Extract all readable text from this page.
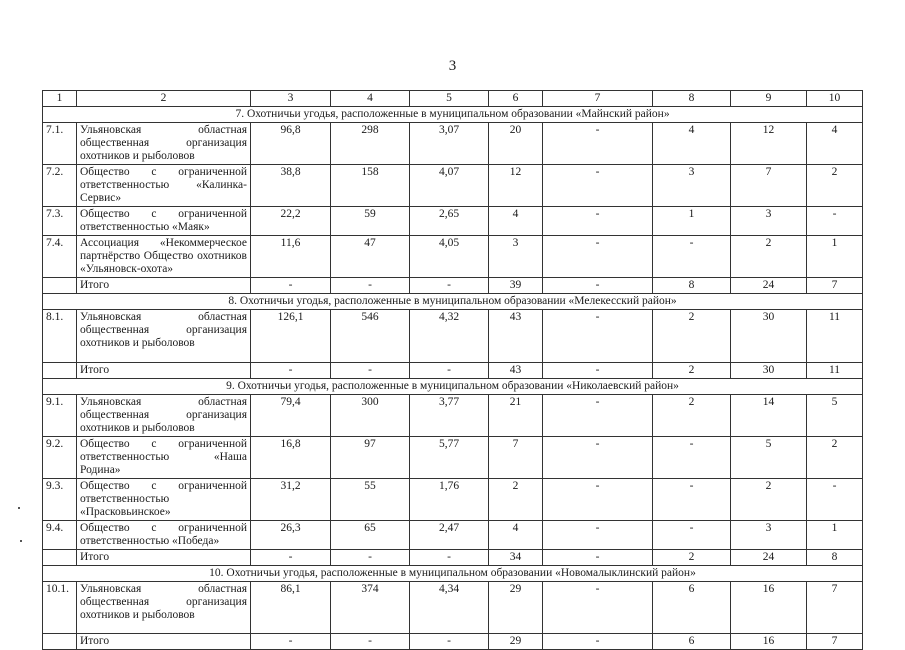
3
1	2	3	4	5	6	7	8	9	10
7. Охотничьи угодья, расположенные в муниципальном образовании «Майнский район»									
7.1.	Ульяновская областная общественная организация охотников и рыболовов	96,8	298	3,07	20	-	4	12	4
7.2.	Общество с ограниченной ответственностью «Калинка-Сервис»	38,8	158	4,07	12	-	3	7	2
7.3.	Общество с ограниченной ответственностью «Маяк»	22,2	59	2,65	4	-	1	3	-
7.4.	Ассоциация «Некоммерческое партнёрство Общество охотников «Ульяновск-охота»	11,6	47	4,05	3	-	-	2	1
	Итого	-	-	-	39	-	8	24	7
8. Охотничьи угодья, расположенные в муниципальном образовании «Мелекесский район»									
8.1.	Ульяновская областная общественная организация охотников и рыболовов	126,1	546	4,32	43	-	2	30	11
	Итого	-	-	-	43	-	2	30	11
9. Охотничьи угодья, расположенные в муниципальном образовании «Николаевский район»									
9.1.	Ульяновская областная общественная организация охотников и рыболовов	79,4	300	3,77	21	-	2	14	5
9.2.	Общество с ограниченной ответственностью «Наша Родина»	16,8	97	5,77	7	-	-	5	2
9.3.	Общество с ограниченной ответственностью «Прасковьинское»	31,2	55	1,76	2	-	-	2	-
9.4.	Общество с ограниченной ответственностью «Победа»	26,3	65	2,47	4	-	-	3	1
	Итого	-	-	-	34	-	2	24	8
10. Охотничьи угодья, расположенные в муниципальном образовании «Новомалыклинский район»									
10.1.	Ульяновская областная общественная организация охотников и рыболовов	86,1	374	4,34	29	-	6	16	7
	Итого	-	-	-	29	-	6	16	7
